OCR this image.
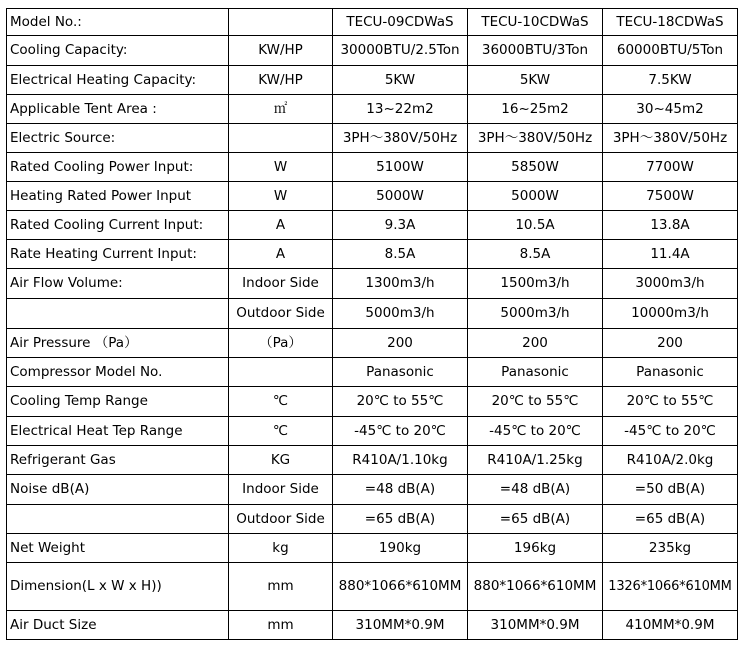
Model No.:		TECU-09CDWaS	TECU-10CDWaS	TECU-18CDWaS
Cooling Capacity:	KW/HP	30000BTU/2.5Ton	36000BTU/3Ton	60000BTU/5Ton
Electrical Heating Capacity:	KW/HP	5KW	5KW	7.5KW
Applicable Tent Area :	㎡	13~22m2	16~25m2	30~45m2
Electric Source:		3PH～380V/50Hz	3PH～380V/50Hz	3PH～380V/50Hz
Rated Cooling Power Input:	W	5100W	5850W	7700W
Heating Rated Power Input	W	5000W	5000W	7500W
Rated Cooling Current Input:	A	9.3A	10.5A	13.8A
Rate Heating Current Input:	A	8.5A	8.5A	11.4A
Air Flow Volume:	Indoor Side	1300m3/h	1500m3/h	3000m3/h
	Outdoor Side	5000m3/h	5000m3/h	10000m3/h
Air Pressure （Pa）	（Pa）	200	200	200
Compressor Model No.		Panasonic	Panasonic	Panasonic
Cooling Temp Range	℃	20℃ to 55℃	20℃ to 55℃	20℃ to 55℃
Electrical Heat Tep Range	℃	-45℃ to 20℃	-45℃ to 20℃	-45℃ to 20℃
Refrigerant Gas	KG	R410A/1.10kg	R410A/1.25kg	R410A/2.0kg
Noise dB(A)	Indoor Side	=48 dB(A)	=48 dB(A)	=50 dB(A)
	Outdoor Side	=65 dB(A)	=65 dB(A)	=65 dB(A)
Net Weight	kg	190kg	196kg	235kg
Dimension(L x W x H))	mm	880*1066*610MM	880*1066*610MM	1326*1066*610MM
Air Duct Size	mm	310MM*0.9M	310MM*0.9M	410MM*0.9M
